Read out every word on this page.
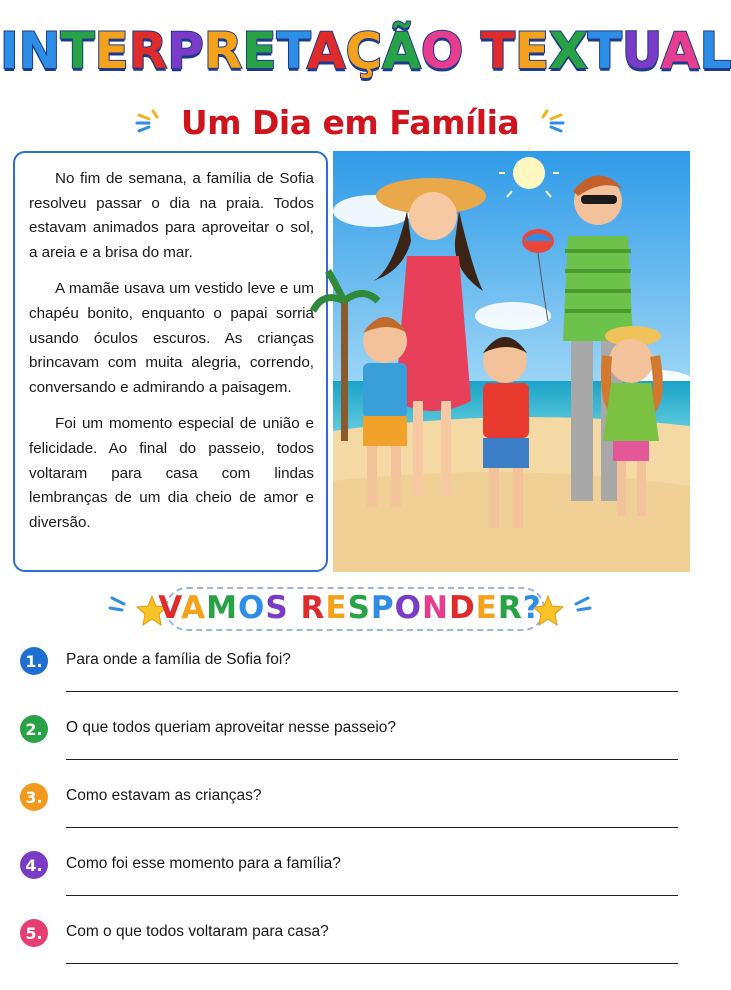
INTERPRETAÇÃO TEXTUAL
Um Dia em Família

No fim de semana, a família de Sofia resolveu passar o dia na praia. Todos estavam animados para aproveitar o sol, a areia e a brisa do mar.

A mamãe usava um vestido leve e um chapéu bonito, enquanto o papai sorria usando óculos escuros. As crianças brincavam com muita alegria, correndo, conversando e admirando a paisagem.

Foi um momento especial de união e felicidade. Ao final do passeio, todos voltaram para casa com lindas lembranças de um dia cheio de amor e diversão.

VAMOS RESPONDER?
1.	Para onde a família de Sofia foi?
2.	O que todos queriam aproveitar nesse passeio?
3.	Como estavam as crianças?
4.	Como foi esse momento para a família?
5.	Com o que todos voltaram para casa?
